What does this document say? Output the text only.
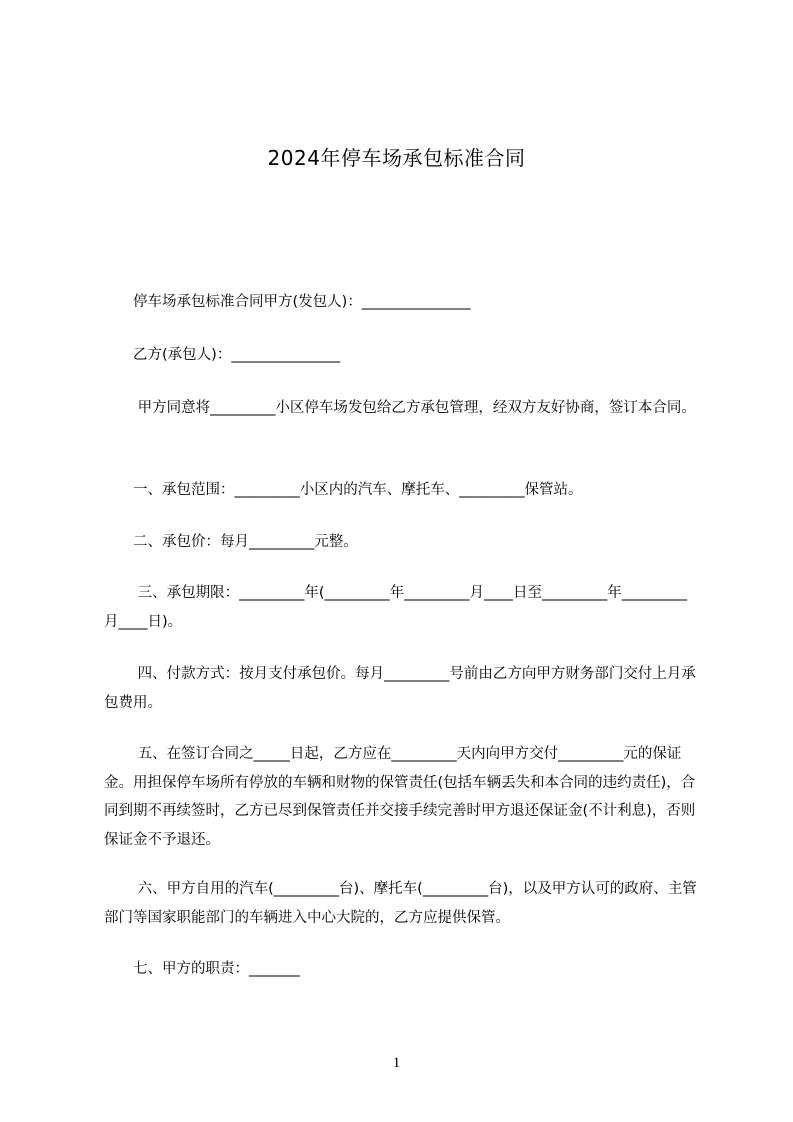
2024年停车场承包标准合同
　　停车场承包标准合同甲方(发包人)：_______________
　　乙方(承包人)：_______________
　　 甲方同意将_________小区停车场发包给乙方承包管理，经双方友好协商，签订本合同。
　　一、承包范围：_________小区内的汽车、摩托车、_________保管站。
　　二、承包价：每月_________元整。
　　 三、承包期限：_________年(_________年_________月____日至_________年_________月____日)。
　　 四、付款方式：按月支付承包价。每月_________号前由乙方向甲方财务部门交付上月承包费用。
　　 五、在签订合同之_____日起，乙方应在_________天内向甲方交付_________元的保证金。用担保停车场所有停放的车辆和财物的保管责任(包括车辆丢失和本合同的违约责任)，合同到期不再续签时，乙方已尽到保管责任并交接手续完善时甲方退还保证金(不计利息)，否则保证金不予退还。
　　 六、甲方自用的汽车(_________台)、摩托车(_________台)，以及甲方认可的政府、主管部门等国家职能部门的车辆进入中心大院的，乙方应提供保管。
　　七、甲方的职责：_______
1
